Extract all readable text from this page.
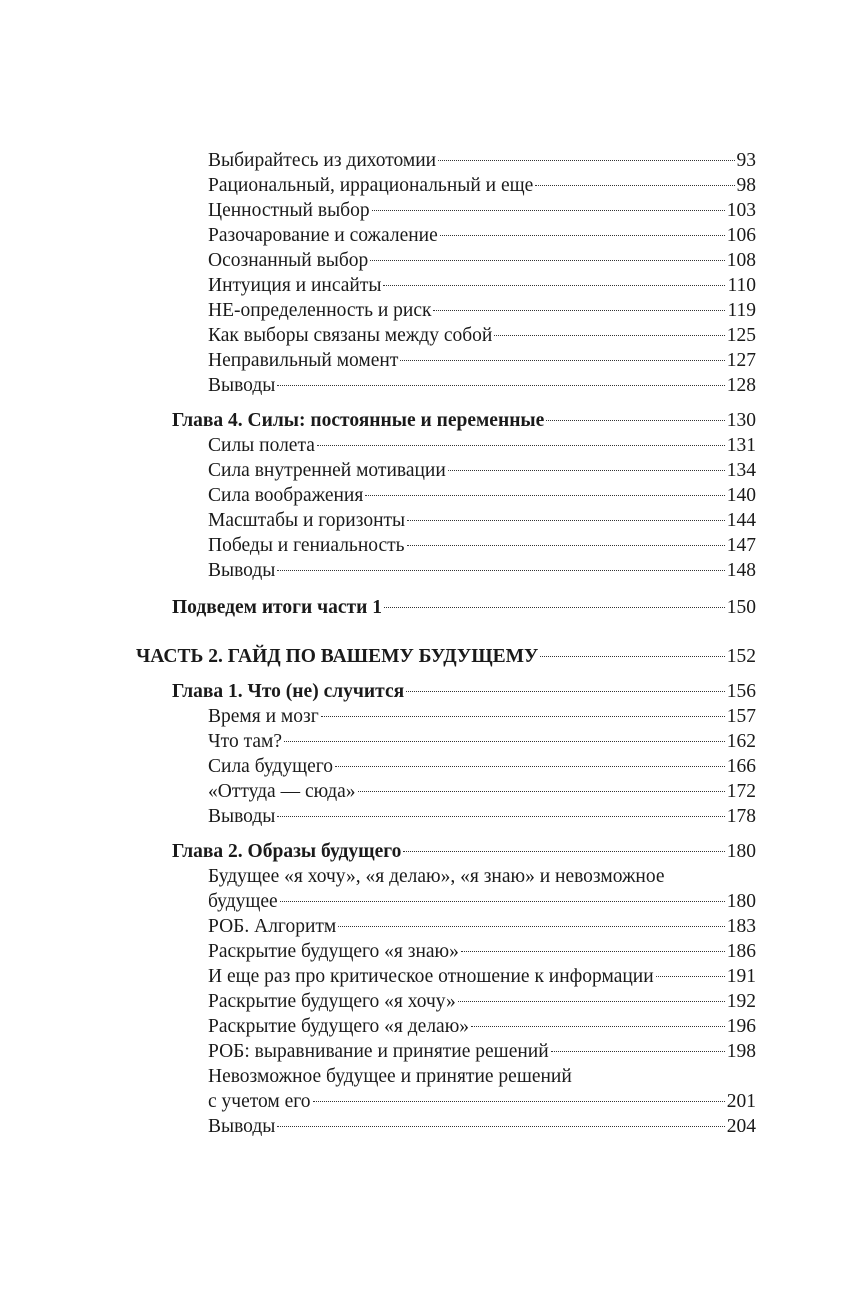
Выбирайтесь из дихотомии	93
Рациональный, иррациональный и еще	98
Ценностный выбор	103
Разочарование и сожаление	106
Осознанный выбор	108
Интуиция и инсайты	110
НЕ-определенность и риск	119
Как выборы связаны между собой	125
Неправильный момент	127
Выводы	128
Глава 4. Силы: постоянные и переменные	130
Силы полета	131
Сила внутренней мотивации	134
Сила воображения	140
Масштабы и горизонты	144
Победы и гениальность	147
Выводы	148
Подведем итоги части 1	150
ЧАСТЬ 2. ГАЙД ПО ВАШЕМУ БУДУЩЕМУ	152
Глава 1. Что (не) случится	156
Время и мозг	157
Что там?	162
Сила будущего	166
«Оттуда — сюда»	172
Выводы	178
Глава 2. Образы будущего	180
Будущее «я хочу», «я делаю», «я знаю» и невозможное
будущее	180
РОБ. Алгоритм	183
Раскрытие будущего «я знаю»	186
И еще раз про критическое отношение к информации	191
Раскрытие будущего «я хочу»	192
Раскрытие будущего «я делаю»	196
РОБ: выравнивание и принятие решений	198
Невозможное будущее и принятие решений
с учетом его	201
Выводы	204
